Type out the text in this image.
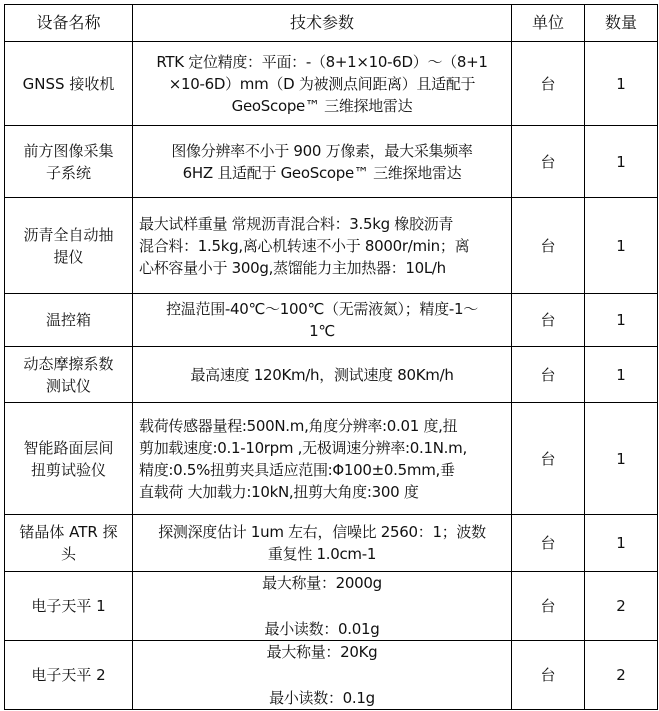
设备名称	技术参数	单位	数量

GNSS 接收机	RTK 定位精度：平面：-（8+1×10-6D）～（8+1
×10-6D）mm（D 为被测点间距离）且适配于
GeoScope™ 三维探地雷达	台	1

前方图像采集
子系统	图像分辨率不小于 900 万像素，最大采集频率
6HZ 且适配于 GeoScope™ 三维探地雷达	台	1

沥青全自动抽
提仪	最大试样重量 常规沥青混合料：3.5kg 橡胶沥青
混合料：1.5kg,离心机转速不小于 8000r/min；离
心杯容量小于 300g,蒸馏能力主加热器：10L/h	台	1

温控箱	控温范围-40℃～100℃（无需液氮）；精度-1～
1℃	台	1

动态摩擦系数
测试仪	最高速度 120Km/h，测试速度 80Km/h	台	1

智能路面层间
扭剪试验仪	载荷传感器量程:500N.m,角度分辨率:0.01 度,扭
剪加载速度:0.1-10rpm ,无极调速分辨率:0.1N.m,
精度:0.5%扭剪夹具适应范围:Φ100±0.5mm,垂
直载荷 大加载力:10kN,扭剪大角度:300 度	台	1

锗晶体 ATR 探
头	探测深度估计 1um 左右，信噪比 2560：1；波数
重复性 1.0cm-1	台	1

电子天平 1	最大称量：2000g
最小读数：0.01g	台	2

电子天平 2	最大称量：20Kg
最小读数：0.1g	台	2
